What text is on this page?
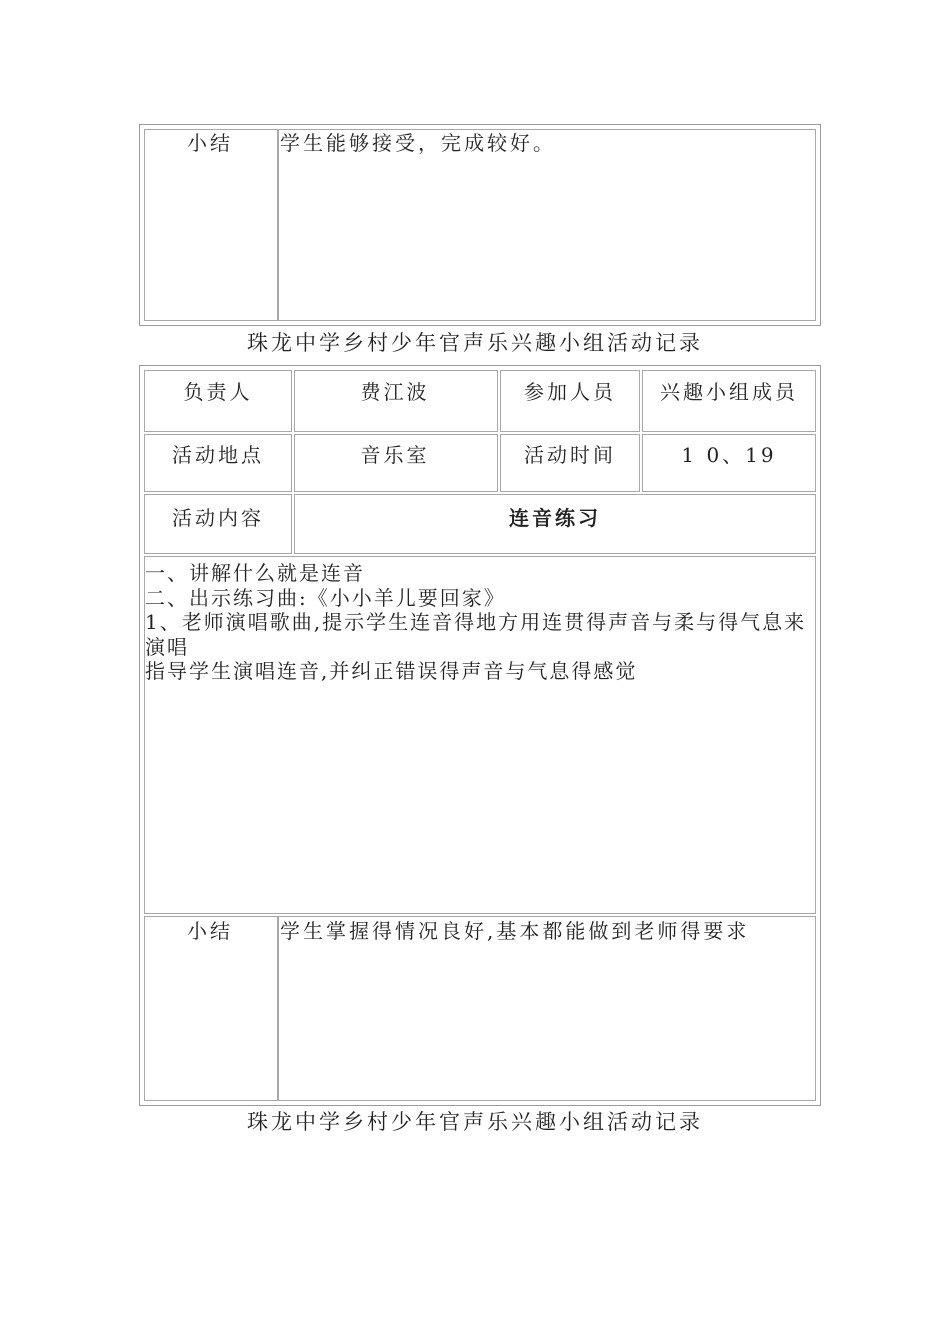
小结	学生能够接受，完成较好。
珠龙中学乡村少年官声乐兴趣小组活动记录
负责人	费江波	参加人员	兴趣小组成员
活动地点	音乐室	活动时间	1 0、19
活动内容	连音练习
一、讲解什么就是连音
二、出示练习曲:《小小羊儿要回家》
1、老师演唱歌曲,提示学生连音得地方用连贯得声音与柔与得气息来演唱
指导学生演唱连音,并纠正错误得声音与气息得感觉
小结	学生掌握得情况良好,基本都能做到老师得要求
珠龙中学乡村少年官声乐兴趣小组活动记录
